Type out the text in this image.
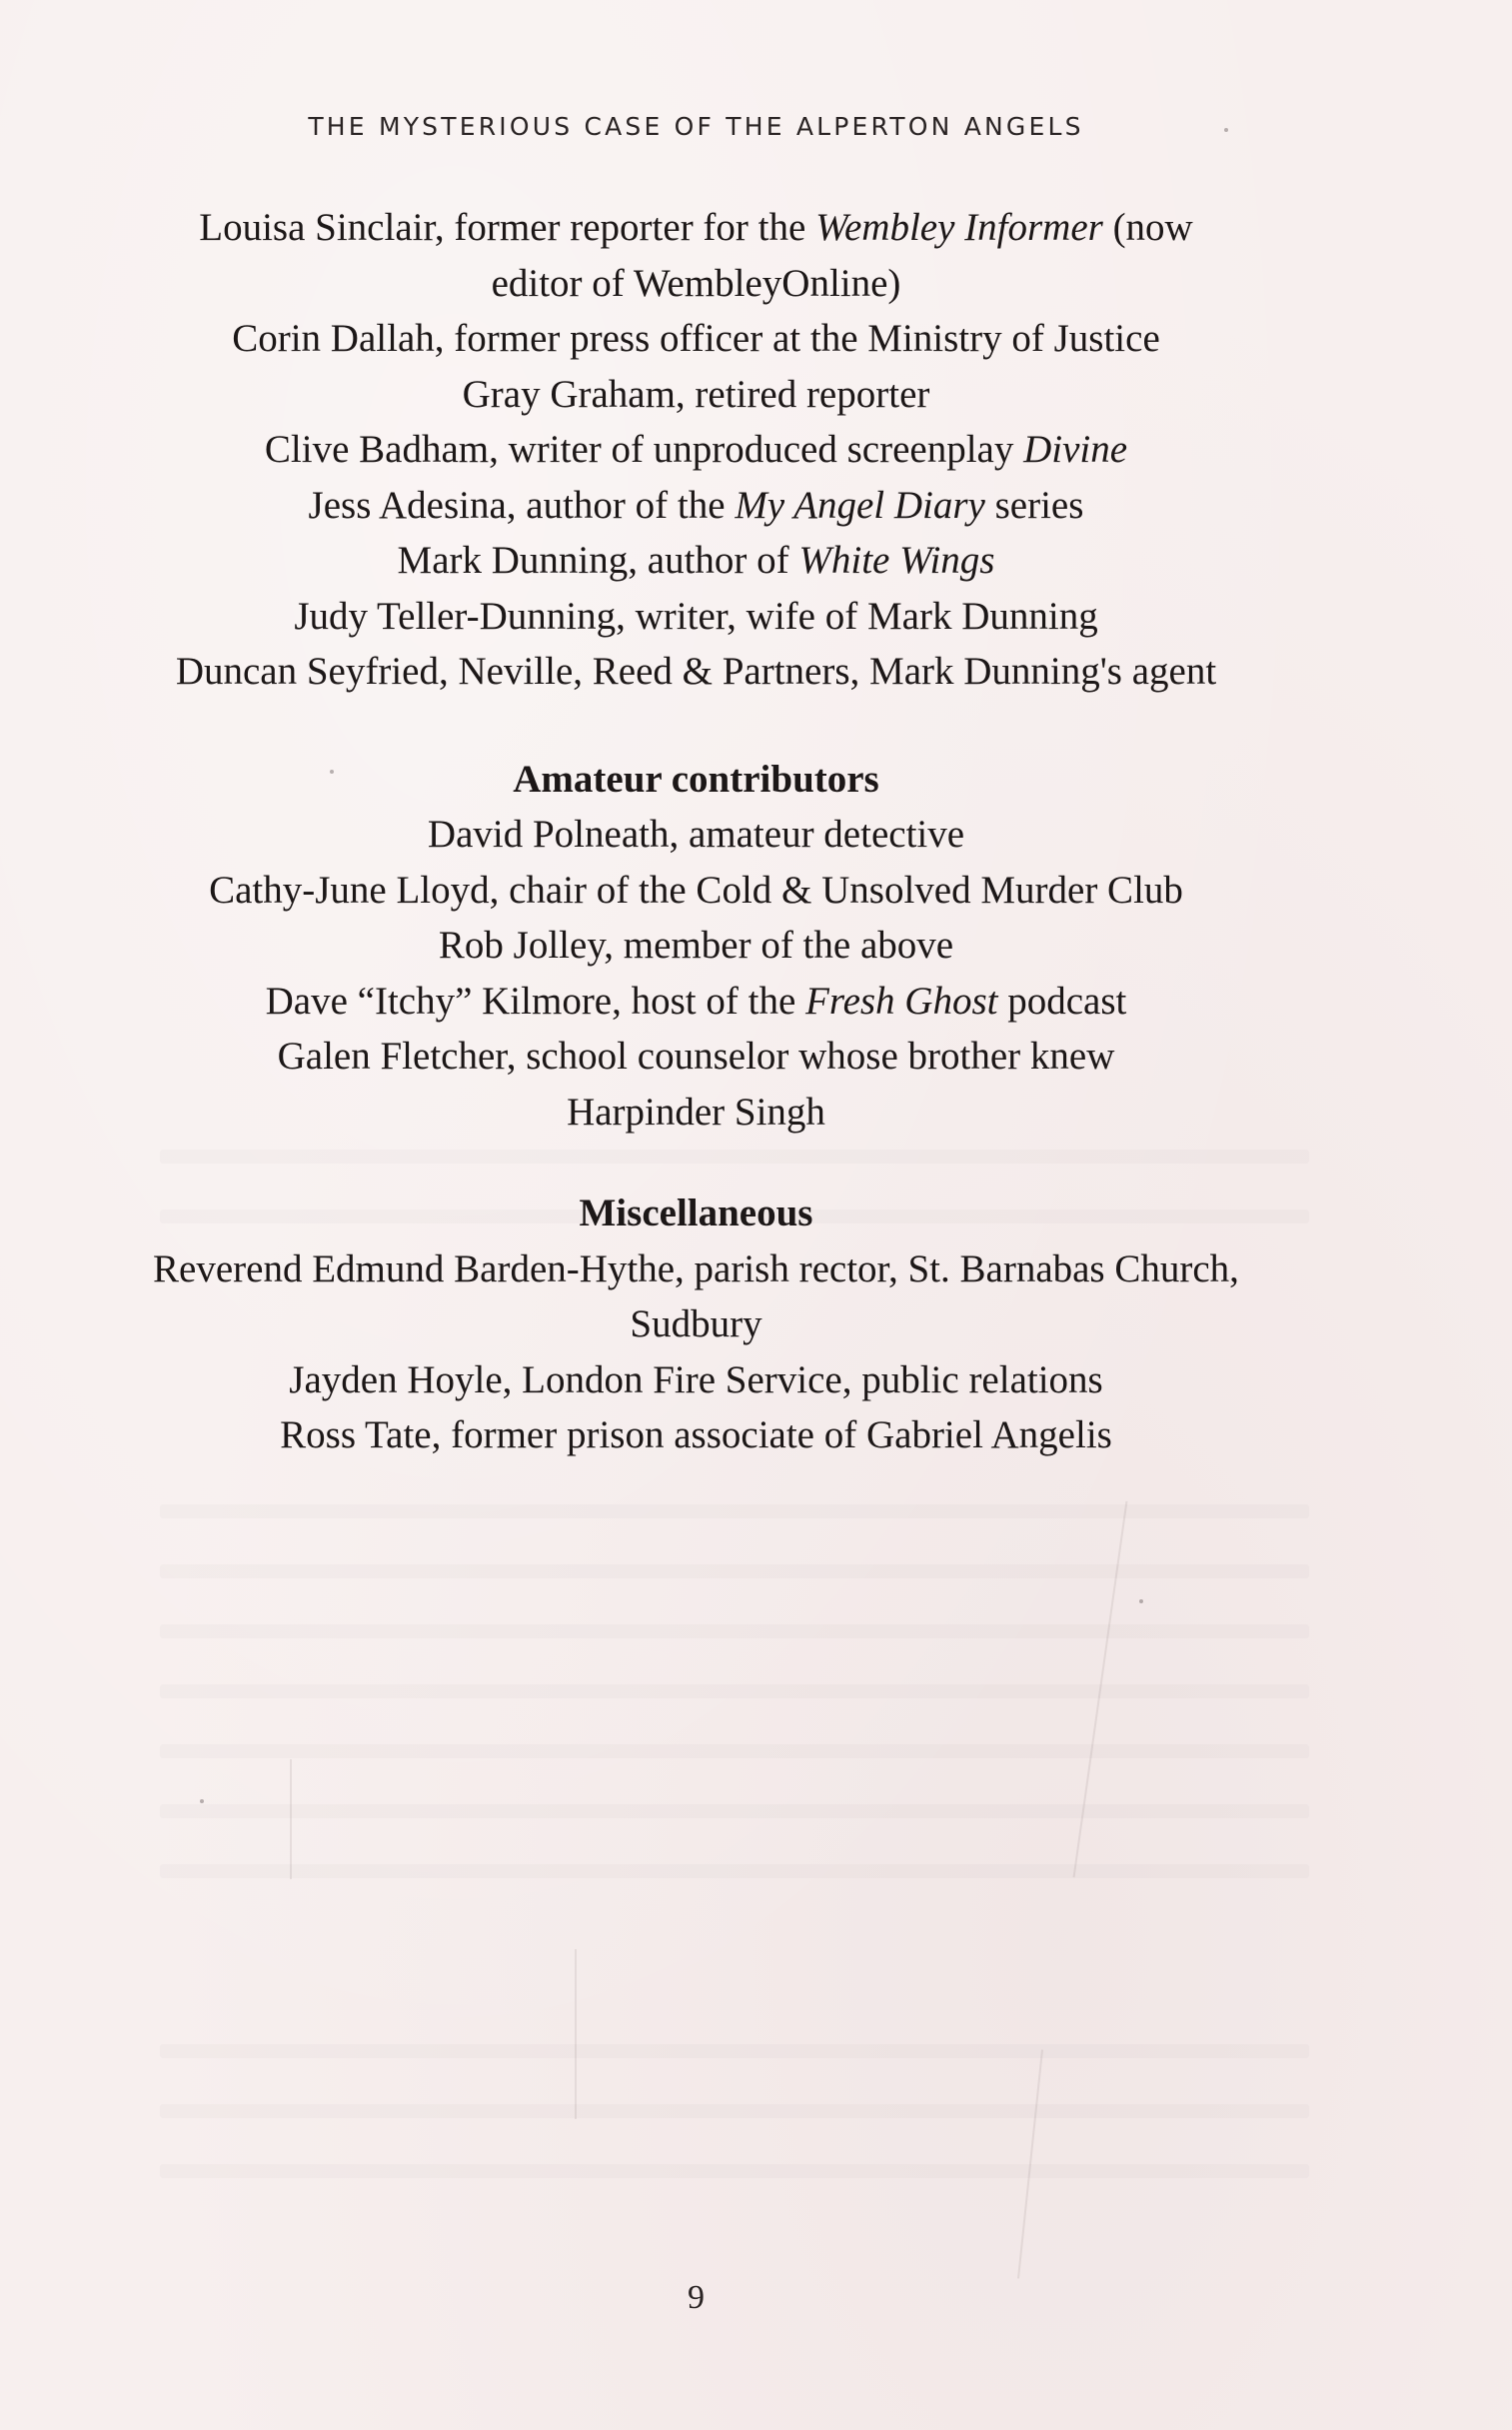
THE MYSTERIOUS CASE OF THE ALPERTON ANGELS

Louisa Sinclair, former reporter for the Wembley Informer (now

editor of WembleyOnline)

Corin Dallah, former press officer at the Ministry of Justice

Gray Graham, retired reporter

Clive Badham, writer of unproduced screenplay Divine

Jess Adesina, author of the My Angel Diary series

Mark Dunning, author of White Wings

Judy Teller-Dunning, writer, wife of Mark Dunning

Duncan Seyfried, Neville, Reed & Partners, Mark Dunning's agent

Amateur contributors

David Polneath, amateur detective

Cathy-June Lloyd, chair of the Cold & Unsolved Murder Club

Rob Jolley, member of the above

Dave “Itchy” Kilmore, host of the Fresh Ghost podcast

Galen Fletcher, school counselor whose brother knew

Harpinder Singh

Miscellaneous

Reverend Edmund Barden-Hythe, parish rector, St. Barnabas Church,

Sudbury

Jayden Hoyle, London Fire Service, public relations

Ross Tate, former prison associate of Gabriel Angelis

9
